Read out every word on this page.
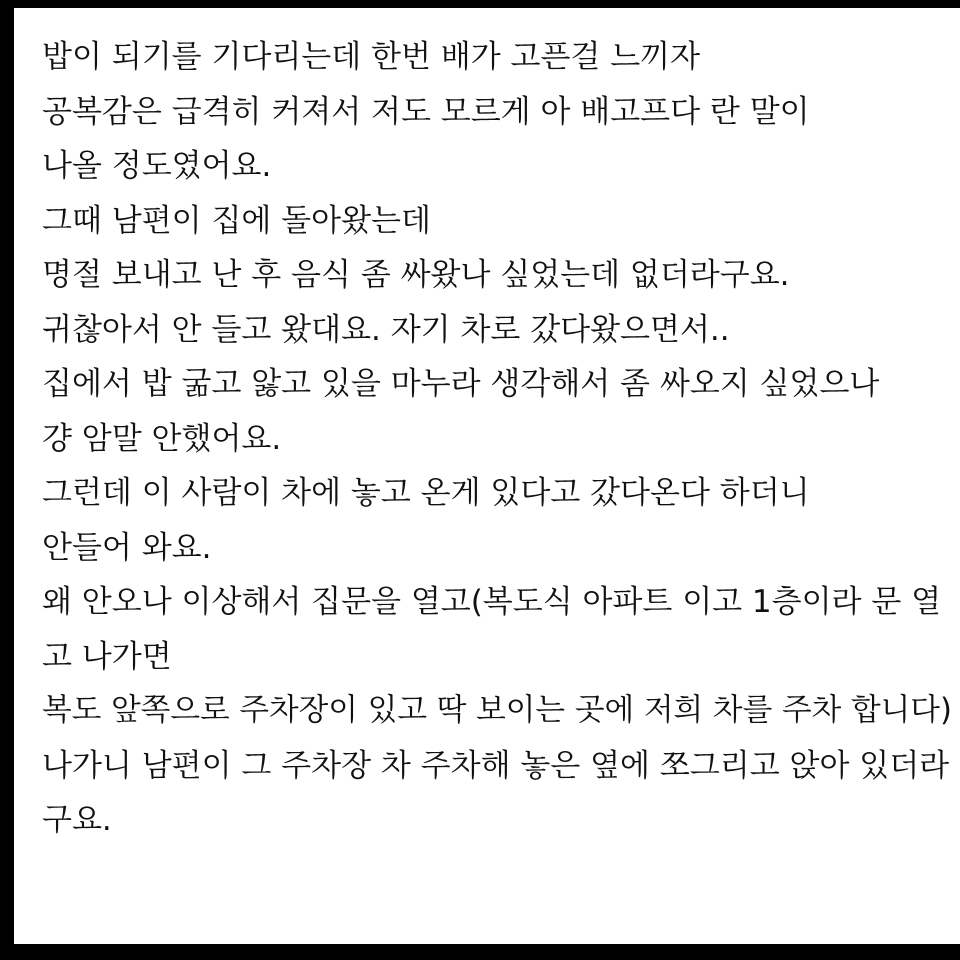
밥이 되기를 기다리는데 한번 배가 고픈걸 느끼자
공복감은 급격히 커져서 저도 모르게 아 배고프다 란 말이
나올 정도였어요.
그때 남편이 집에 돌아왔는데
명절 보내고 난 후 음식 좀 싸왔나 싶었는데 없더라구요.
귀찮아서 안 들고 왔대요. 자기 차로 갔다왔으면서..
집에서 밥 굶고 앓고 있을 마누라 생각해서 좀 싸오지 싶었으나
걍 암말 안했어요.
그런데 이 사람이 차에 놓고 온게 있다고 갔다온다 하더니
안들어 와요.
왜 안오나 이상해서 집문을 열고(복도식 아파트 이고 1층이라 문 열
고 나가면
복도 앞쪽으로 주차장이 있고 딱 보이는 곳에 저희 차를 주차 합니다)
나가니 남편이 그 주차장 차 주차해 놓은 옆에 쪼그리고 앉아 있더라
구요.
